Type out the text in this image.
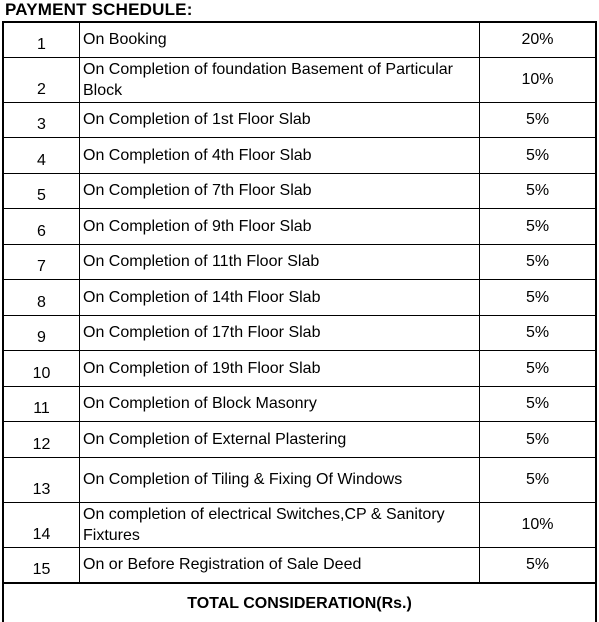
PAYMENT SCHEDULE:
1	On Booking	20%
2	On Completion of foundation Basement of Particular Block	10%
3	On Completion of 1st Floor Slab	5%
4	On Completion of 4th Floor Slab	5%
5	On Completion of 7th Floor Slab	5%
6	On Completion of 9th Floor Slab	5%
7	On Completion of 11th Floor Slab	5%
8	On Completion of 14th Floor Slab	5%
9	On Completion of 17th Floor Slab	5%
10	On Completion of 19th Floor Slab	5%
11	On Completion of Block Masonry	5%
12	On Completion of External Plastering	5%
13	On Completion of Tiling & Fixing Of Windows	5%
14	On completion of electrical Switches,CP & Sanitory Fixtures	10%
15	On or Before Registration of Sale Deed	5%
TOTAL CONSIDERATION(Rs.)
